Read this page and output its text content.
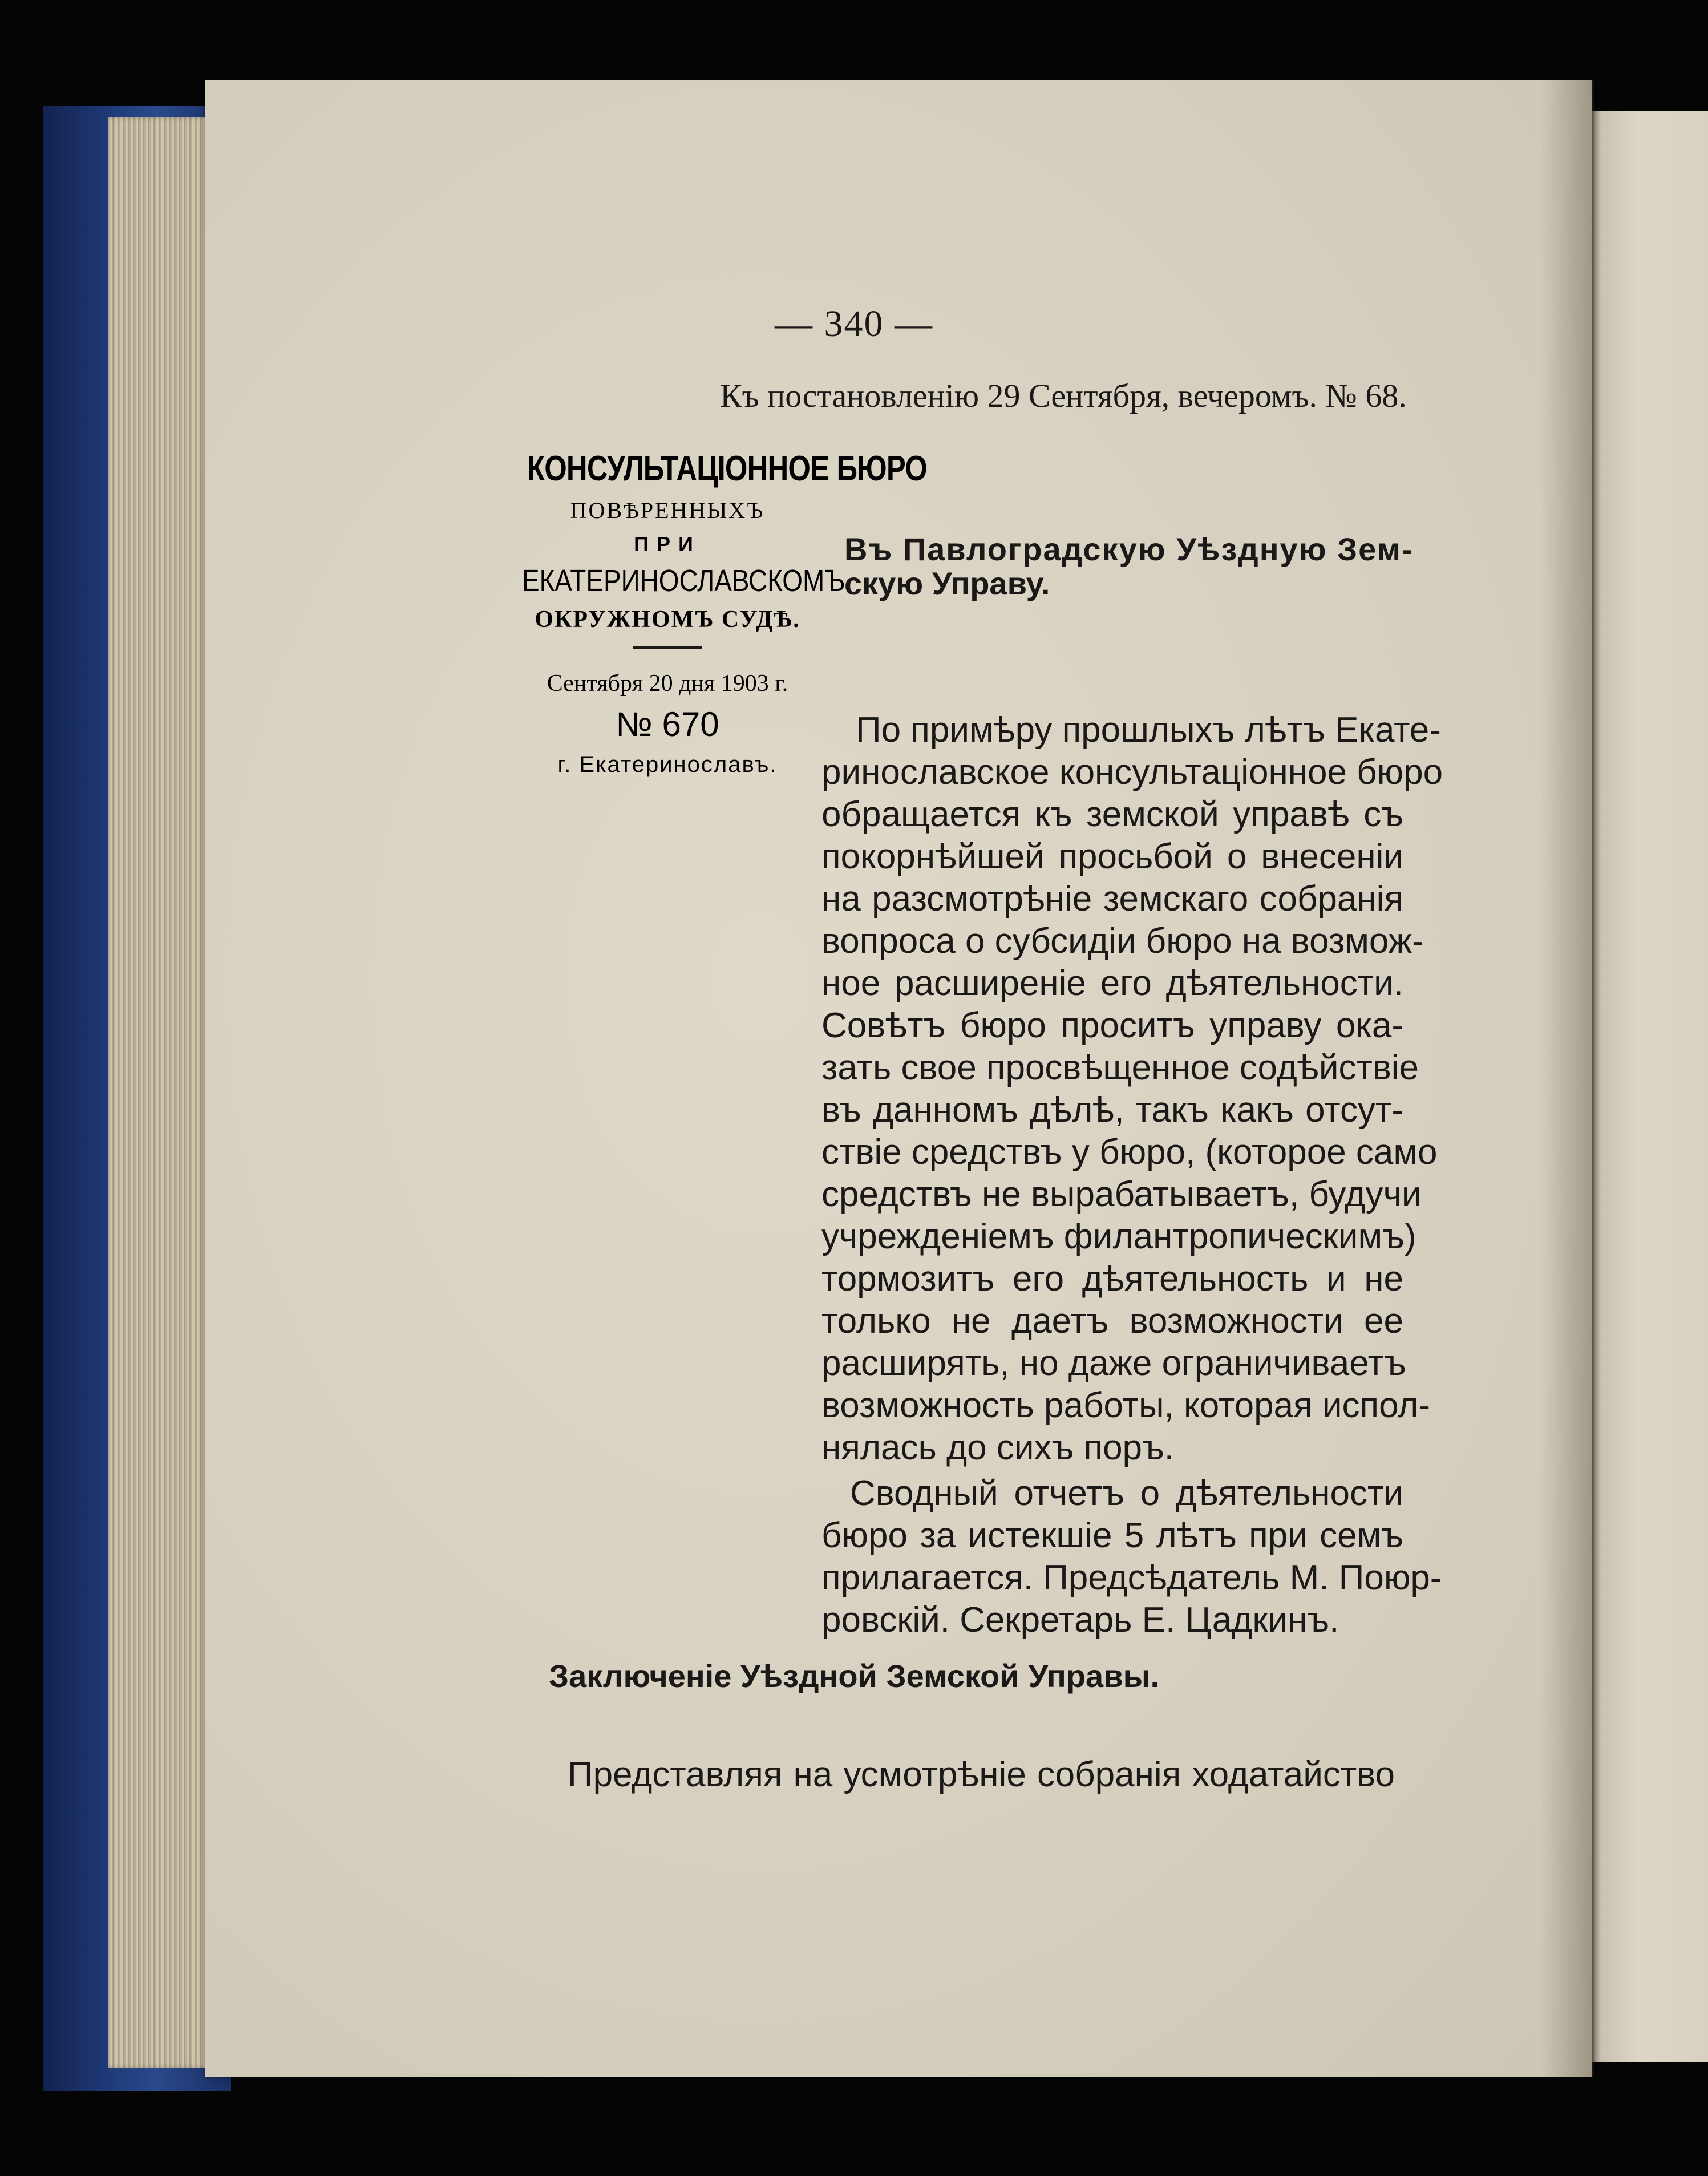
— 340 —
Къ постановленію 29 Сентября, вечеромъ. № 68.
КОНСУЛЬТАЦІОННОЕ БЮРО
ПОВѢРЕННЫХЪ
ПРИ
ЕКАТЕРИНОСЛАВСКОМЪ
ОКРУЖНОМЪ СУДѢ.
Сентября 20 дня 1903 г.
№ 670
г. Екатеринославъ.
Въ Павлоградскую Уѣздную Зем-
скую Управу.
По примѣру прошлыхъ лѣтъ Екате-
ринославское консультаціонное бюро
обращается къ земской управѣ съ
покорнѣйшей просьбой о внесеніи
на разсмотрѣніе земскаго собранія
вопроса о субсидіи бюро на возмож-
ное расширеніе его дѣятельности.
Совѣтъ бюро проситъ управу ока-
зать свое просвѣщенное содѣйствіе
въ данномъ дѣлѣ, такъ какъ отсут-
ствіе средствъ у бюро, (которое само
средствъ не вырабатываетъ, будучи
учрежденіемъ филантропическимъ)
тормозитъ его дѣятельность и не
только не даетъ возможности ее
расширять, но даже ограничиваетъ
возможность работы, которая испол-
нялась до сихъ поръ.
Сводный отчетъ о дѣятельности
бюро за истекшіе 5 лѣтъ при семъ
прилагается. Предсѣдатель М. Поюр-
ровскій. Секретарь Е. Цадкинъ.
Заключеніе Уѣздной Земской Управы.
Представляя на усмотрѣніе собранія ходатайство
